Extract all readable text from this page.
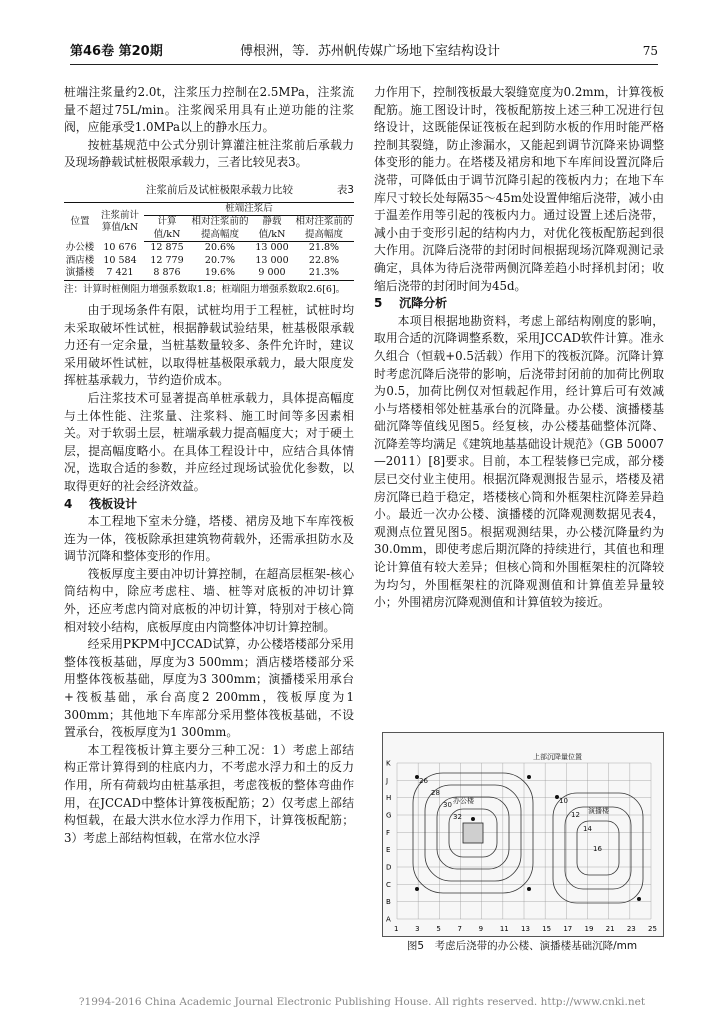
第46卷 第20期	傅根洲，等．苏州帆传媒广场地下室结构设计	75

桩端注浆量约2.0t，注浆压力控制在2.5MPa，注浆流量不超过75L/min。注浆阀采用具有止逆功能的注浆阀，应能承受1.0MPa以上的静水压力。

按桩基规范中公式分别计算灌注桩注浆前后承载力及现场静载试桩极限承载力，三者比较见表3。

注浆前后及试桩极限承载力比较	表3
位置	注浆前计算值/kN	桩端注浆后			
		计算值/kN	相对注浆前的提高幅度	静载值/kN	相对注浆前的提高幅度
办公楼	10 676	12 875	20.6%	13 000	21.8%
酒店楼	10 584	12 779	20.7%	13 000	22.8%
演播楼	7 421	8 876	19.6%	9 000	21.3%
注：计算时桩侧阻力增强系数取1.8；桩端阻力增强系数取2.6[6]。

由于现场条件有限，试桩均用于工程桩，试桩时均未采取破坏性试桩，根据静载试验结果，桩基极限承载力还有一定余量，当桩基数量较多、条件允许时，建议采用破坏性试桩，以取得桩基极限承载力，最大限度发挥桩基承载力，节约造价成本。

后注浆技术可显著提高单桩承载力，具体提高幅度与土体性能、注浆量、注浆料、施工时间等多因素相关。对于软弱土层，桩端承载力提高幅度大；对于硬土层，提高幅度略小。在具体工程设计中，应结合具体情况，选取合适的参数，并应经过现场试验优化参数，以取得更好的社会经济效益。

4 筏板设计

本工程地下室未分缝，塔楼、裙房及地下车库筏板连为一体，筏板除承担建筑物荷载外，还需承担防水及调节沉降和整体变形的作用。

筏板厚度主要由冲切计算控制，在超高层框架-核心筒结构中，除应考虑柱、墙、桩等对底板的冲切计算外，还应考虑内筒对底板的冲切计算，特别对于核心筒相对较小结构，底板厚度由内筒整体冲切计算控制。

经采用PKPM中JCCAD试算，办公楼塔楼部分采用整体筏板基础，厚度为3 500mm；酒店楼塔楼部分采用整体筏板基础，厚度为3 300mm；演播楼采用承台+筏板基础，承台高度2 200mm，筏板厚度为1 300mm；其他地下车库部分采用整体筏板基础，不设置承台，筏板厚度为1 300mm。

本工程筏板计算主要分三种工况：1）考虑上部结构正常计算得到的柱底内力，不考虑水浮力和土的反力作用，所有荷载均由桩基承担，考虑筏板的整体弯曲作用，在JCCAD中整体计算筏板配筋；2）仅考虑上部结构恒载，在最大洪水位水浮力作用下，计算筏板配筋；3）考虑上部结构恒载，在常水位水浮

力作用下，控制筏板最大裂缝宽度为0.2mm，计算筏板配筋。施工图设计时，筏板配筋按上述三种工况进行包络设计，这既能保证筏板在起到防水板的作用时能严格控制其裂缝，防止渗漏水，又能起到调节沉降来协调整体变形的能力。在塔楼及裙房和地下车库间设置沉降后浇带，可降低由于调节沉降引起的筏板内力；在地下车库尺寸较长处每隔35～45m处设置伸缩后浇带，减小由于温差作用等引起的筏板内力。通过设置上述后浇带，减小由于变形引起的结构内力，对优化筏板配筋起到很大作用。沉降后浇带的封闭时间根据现场沉降观测记录确定，具体为待后浇带两侧沉降差趋小时择机封闭；收缩后浇带的封闭时间为45d。

5 沉降分析

本项目根据地勘资料，考虑上部结构刚度的影响，取用合适的沉降调整系数，采用JCCAD软件计算。准永久组合（恒载+0.5活载）作用下的筏板沉降。沉降计算时考虑沉降后浇带的影响，后浇带封闭前的加荷比例取为0.5，加荷比例仅对恒载起作用，经计算后可有效减小与塔楼相邻处桩基承台的沉降量。办公楼、演播楼基础沉降等值线见图5。经复核，办公楼基础整体沉降、沉降差等均满足《建筑地基基础设计规范》（GB 50007—2011）[8]要求。目前，本工程装修已完成，部分楼层已交付业主使用。根据沉降观测报告显示，塔楼及裙房沉降已趋于稳定，塔楼核心筒和外框架柱沉降差异趋小。最近一次办公楼、演播楼的沉降观测数据见表4，观测点位置见图5。根据观测结果，办公楼沉降量约为30.0mm，即使考虑后期沉降的持续进行，其值也和理论计算值有较大差异；但核心筒和外围框架柱的沉降较为均匀，外围框架柱的沉降观测值和计算值差异量较小；外围裙房沉降观测值和计算值较为接近。

1 3 5 7 9 11 13 15 17 19 21 23 25
A
B
C
D
E
F
G
H
J
K
上部沉降量位置
办公楼
演播楼
26
28
30
32
10
12
14
16
图5　考虑后浇带的办公楼、演播楼基础沉降/mm
?1994-2016 China Academic Journal Electronic Publishing House. All rights reserved. http://www.cnki.net
